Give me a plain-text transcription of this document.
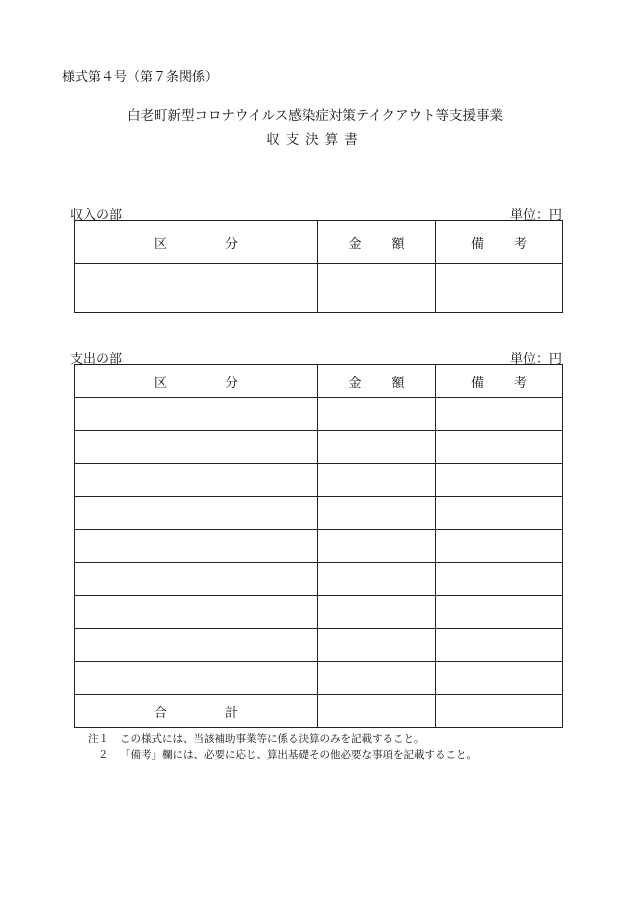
様式第４号（第７条関係）
白老町新型コロナウイルス感染症対策テイクアウト等支援事業
収支決算書
収入の部	単位：円
区 分	金 額	備 考

支出の部	単位：円
区 分	金 額	備 考

合 計		

注１ この様式には、当該補助事業等に係る決算のみを記載すること。
２ 「備考」欄には、必要に応じ、算出基礎その他必要な事項を記載すること。
